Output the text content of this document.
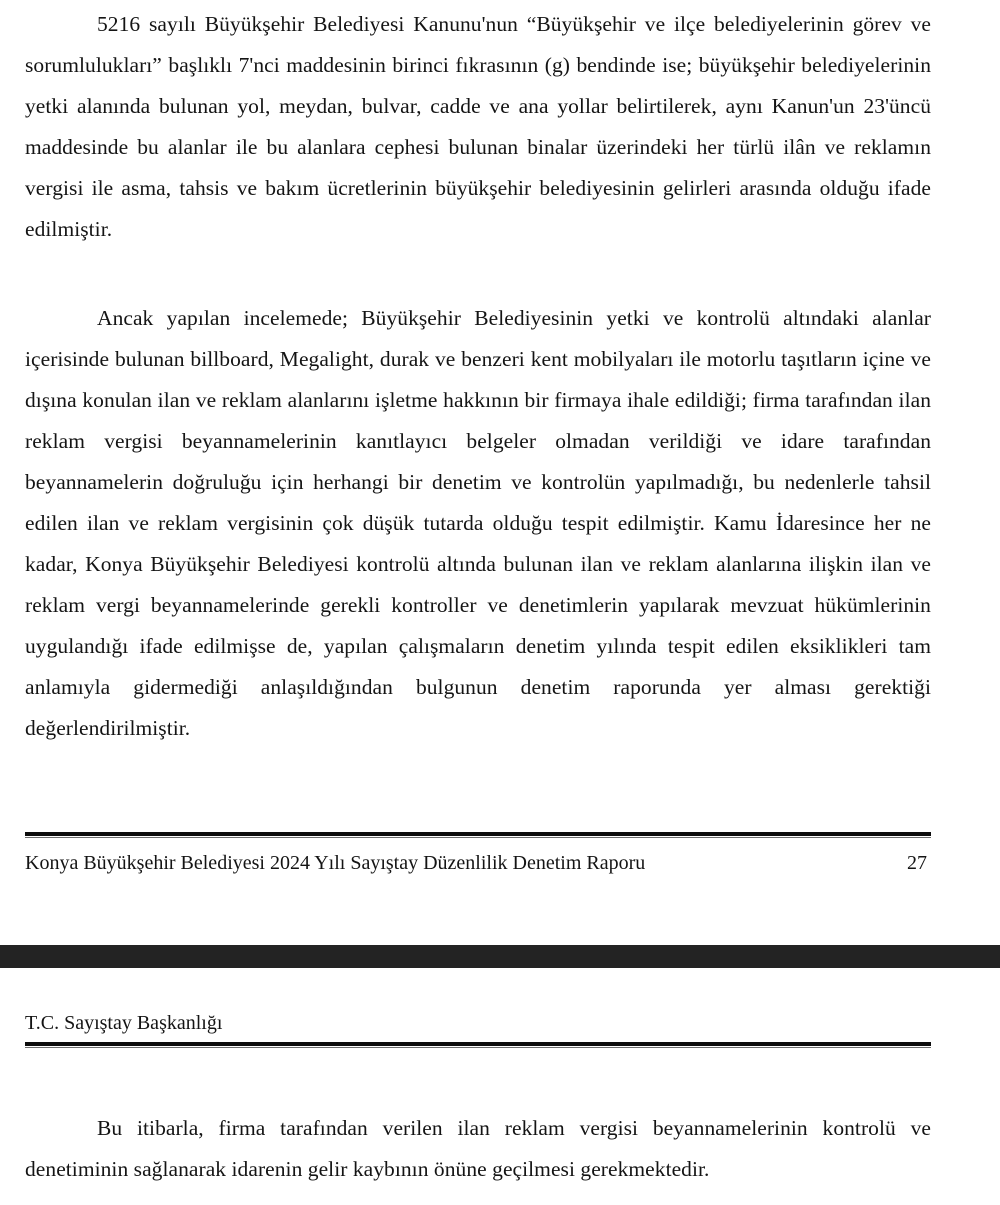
5216 sayılı Büyükşehir Belediyesi Kanunu'nun “Büyükşehir ve ilçe belediyelerinin görev ve sorumlulukları” başlıklı 7'nci maddesinin birinci fıkrasının (g) bendinde ise; büyükşehir belediyelerinin yetki alanında bulunan yol, meydan, bulvar, cadde ve ana yollar belirtilerek, aynı Kanun'un 23'üncü maddesinde bu alanlar ile bu alanlara cephesi bulunan binalar üzerindeki her türlü ilân ve reklamın vergisi ile asma, tahsis ve bakım ücretlerinin büyükşehir belediyesinin gelirleri arasında olduğu ifade edilmiştir.

Ancak yapılan incelemede; Büyükşehir Belediyesinin yetki ve kontrolü altındaki alanlar içerisinde bulunan billboard, Megalight, durak ve benzeri kent mobilyaları ile motorlu taşıtların içine ve dışına konulan ilan ve reklam alanlarını işletme hakkının bir firmaya ihale edildiği; firma tarafından ilan reklam vergisi beyannamelerinin kanıtlayıcı belgeler olmadan verildiği ve idare tarafından beyannamelerin doğruluğu için herhangi bir denetim ve kontrolün yapılmadığı, bu nedenlerle tahsil edilen ilan ve reklam vergisinin çok düşük tutarda olduğu tespit edilmiştir. Kamu İdaresince her ne kadar, Konya Büyükşehir Belediyesi kontrolü altında bulunan ilan ve reklam alanlarına ilişkin ilan ve reklam vergi beyannamelerinde gerekli kontroller ve denetimlerin yapılarak mevzuat hükümlerinin uygulandığı ifade edilmişse de, yapılan çalışmaların denetim yılında tespit edilen eksiklikleri tam anlamıyla gidermediği anlaşıldığından bulgunun denetim raporunda yer alması gerektiği değerlendirilmiştir.

Konya Büyükşehir Belediyesi 2024 Yılı Sayıştay Düzenlilik Denetim Raporu	27
T.C. Sayıştay Başkanlığı

Bu itibarla, firma tarafından verilen ilan reklam vergisi beyannamelerinin kontrolü ve denetiminin sağlanarak idarenin gelir kaybının önüne geçilmesi gerekmektedir.
